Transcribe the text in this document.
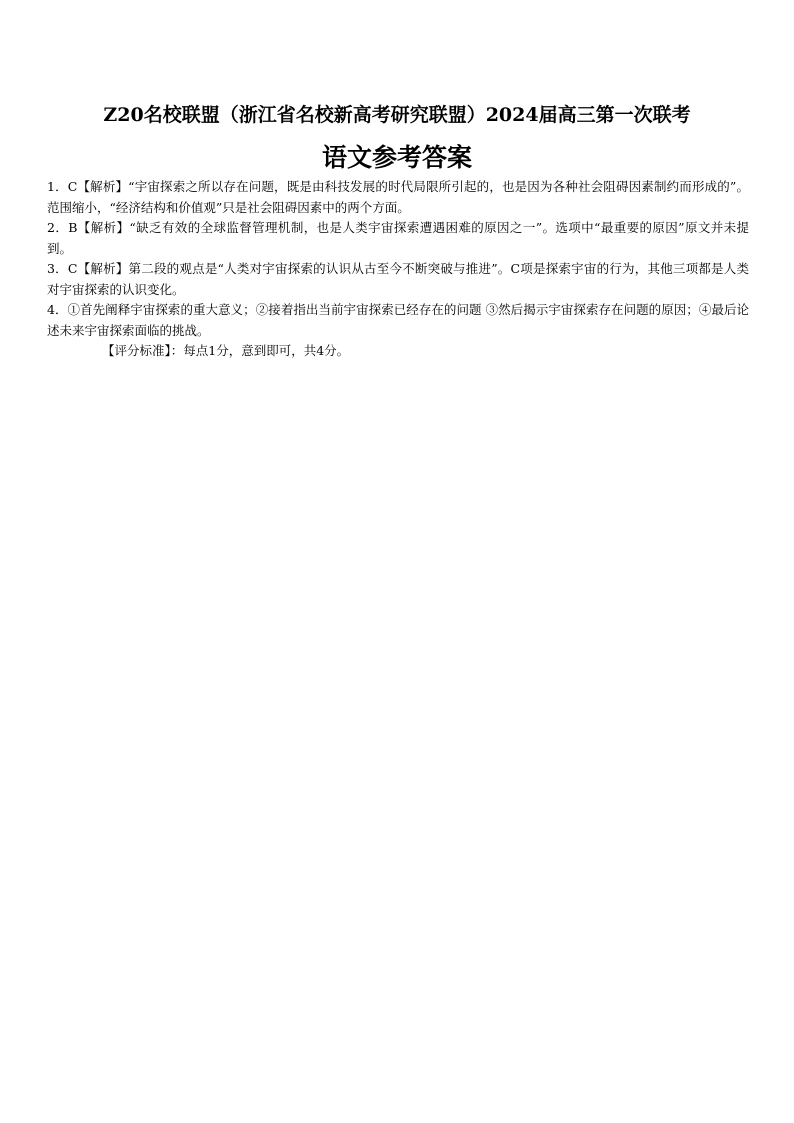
Z20名校联盟（浙江省名校新高考研究联盟）2024届高三第一次联考
语文参考答案

1．C【解析】“宇宙探索之所以存在问题，既是由科技发展的时代局限所引起的，也是因为各种社会阻碍因素制约而形成的”。范围缩小，“经济结构和价值观”只是社会阻碍因素中的两个方面。

2．B【解析】“缺乏有效的全球监督管理机制，也是人类宇宙探索遭遇困难的原因之一”。选项中“最重要的原因”原文并未提到。

3．C【解析】第二段的观点是“人类对宇宙探索的认识从古至今不断突破与推进”。C项是探索宇宙的行为，其他三项都是人类对宇宙探索的认识变化。

4．①首先阐释宇宙探索的重大意义；②接着指出当前宇宙探索已经存在的问题 ③然后揭示宇宙探索存在问题的原因；④最后论述未来宇宙探索面临的挑战。

【评分标准】：每点1分，意到即可，共4分。
